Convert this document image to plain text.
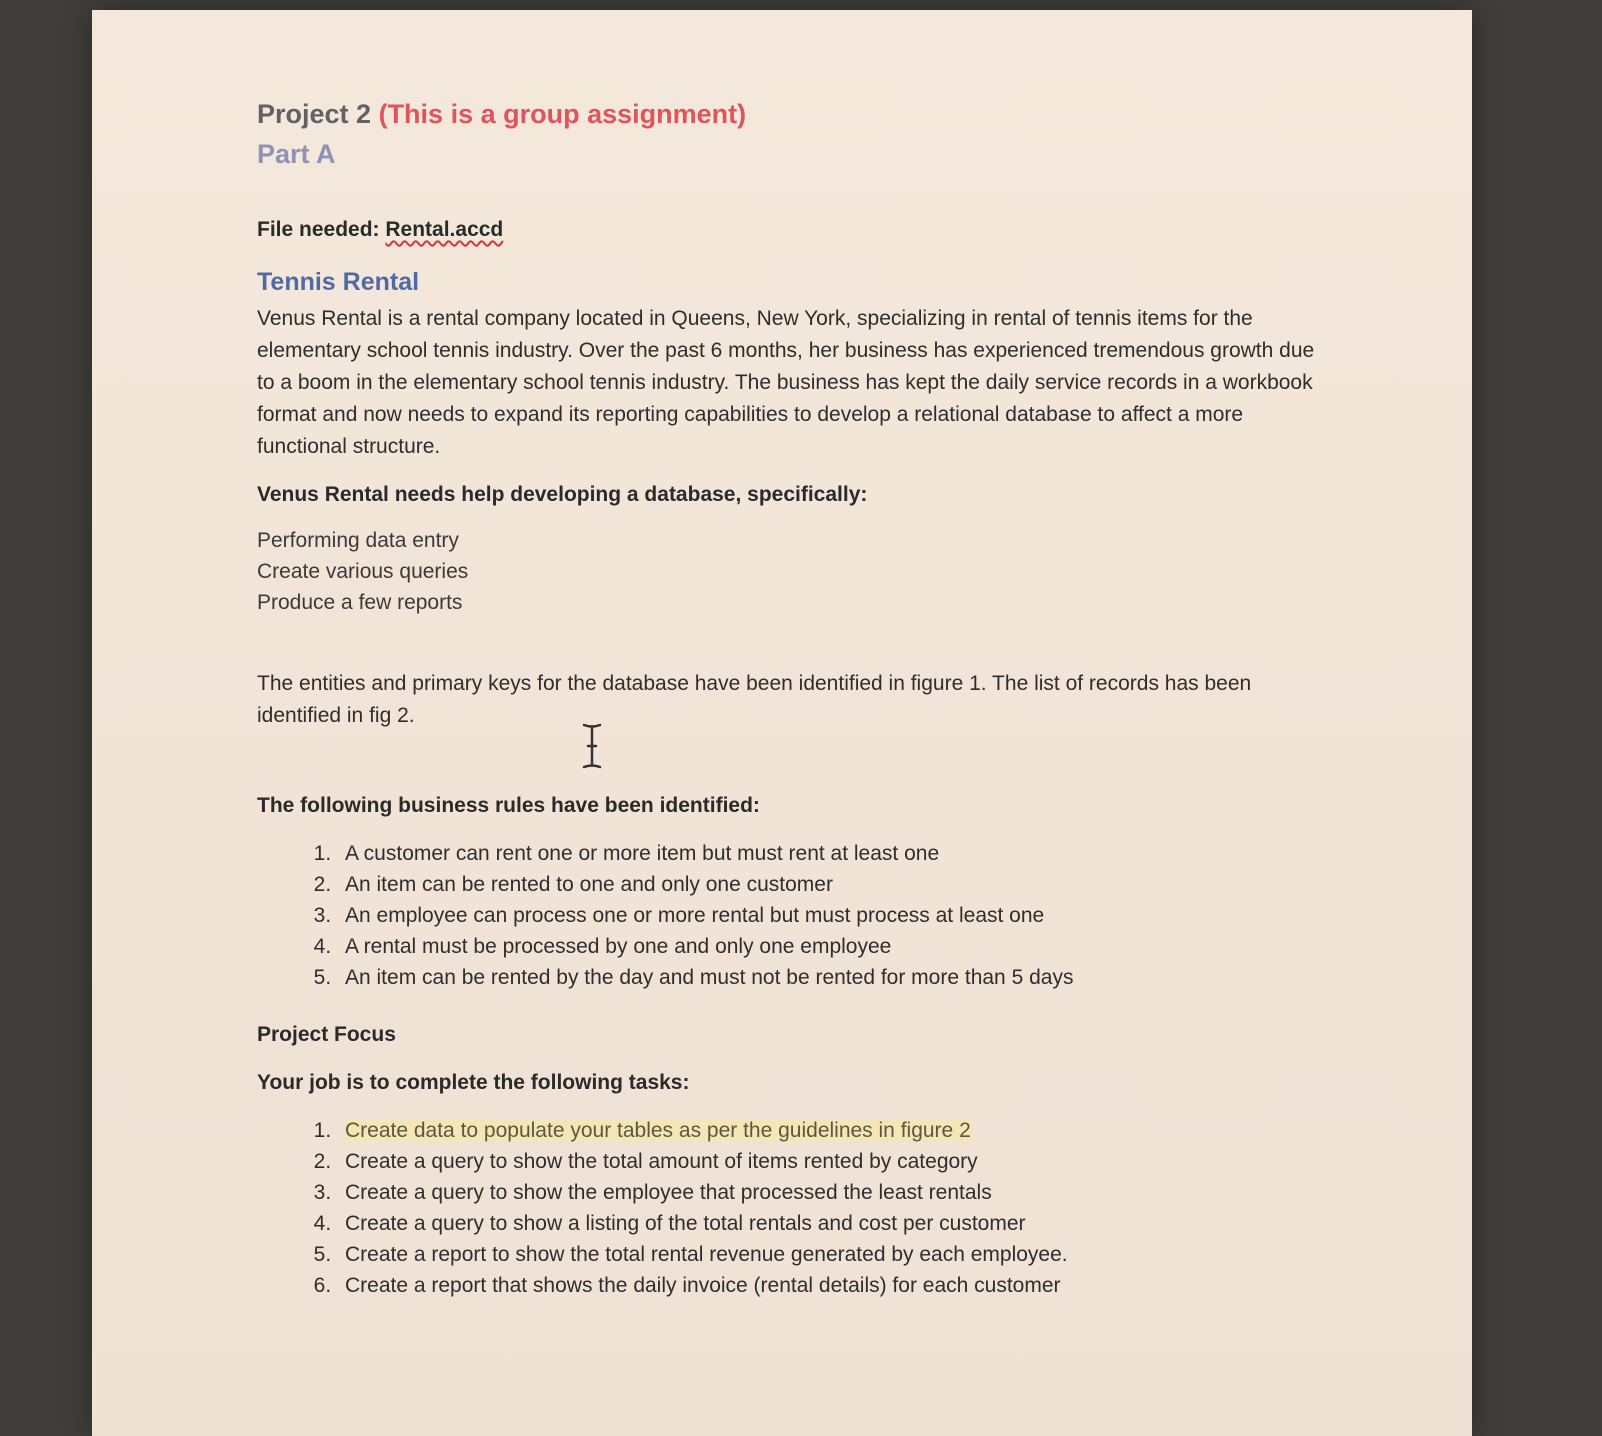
Project 2 (This is a group assignment)
Part A

File needed: Rental.accd

Tennis Rental

Venus Rental is a rental company located in Queens, New York, specializing in rental of tennis items for the elementary school tennis industry. Over the past 6 months, her business has experienced tremendous growth due to a boom in the elementary school tennis industry. The business has kept the daily service records in a workbook format and now needs to expand its reporting capabilities to develop a relational database to affect a more functional structure.

Venus Rental needs help developing a database, specifically:

Performing data entry
Create various queries
Produce a few reports

The entities and primary keys for the database have been identified in figure 1. The list of records has been identified in fig 2.

The following business rules have been identified:

1. A customer can rent one or more item but must rent at least one
2. An item can be rented to one and only one customer
3. An employee can process one or more rental but must process at least one
4. A rental must be processed by one and only one employee
5. An item can be rented by the day and must not be rented for more than 5 days

Project Focus

Your job is to complete the following tasks:

1. Create data to populate your tables as per the guidelines in figure 2
2. Create a query to show the total amount of items rented by category
3. Create a query to show the employee that processed the least rentals
4. Create a query to show a listing of the total rentals and cost per customer
5. Create a report to show the total rental revenue generated by each employee.
6. Create a report that shows the daily invoice (rental details) for each customer
